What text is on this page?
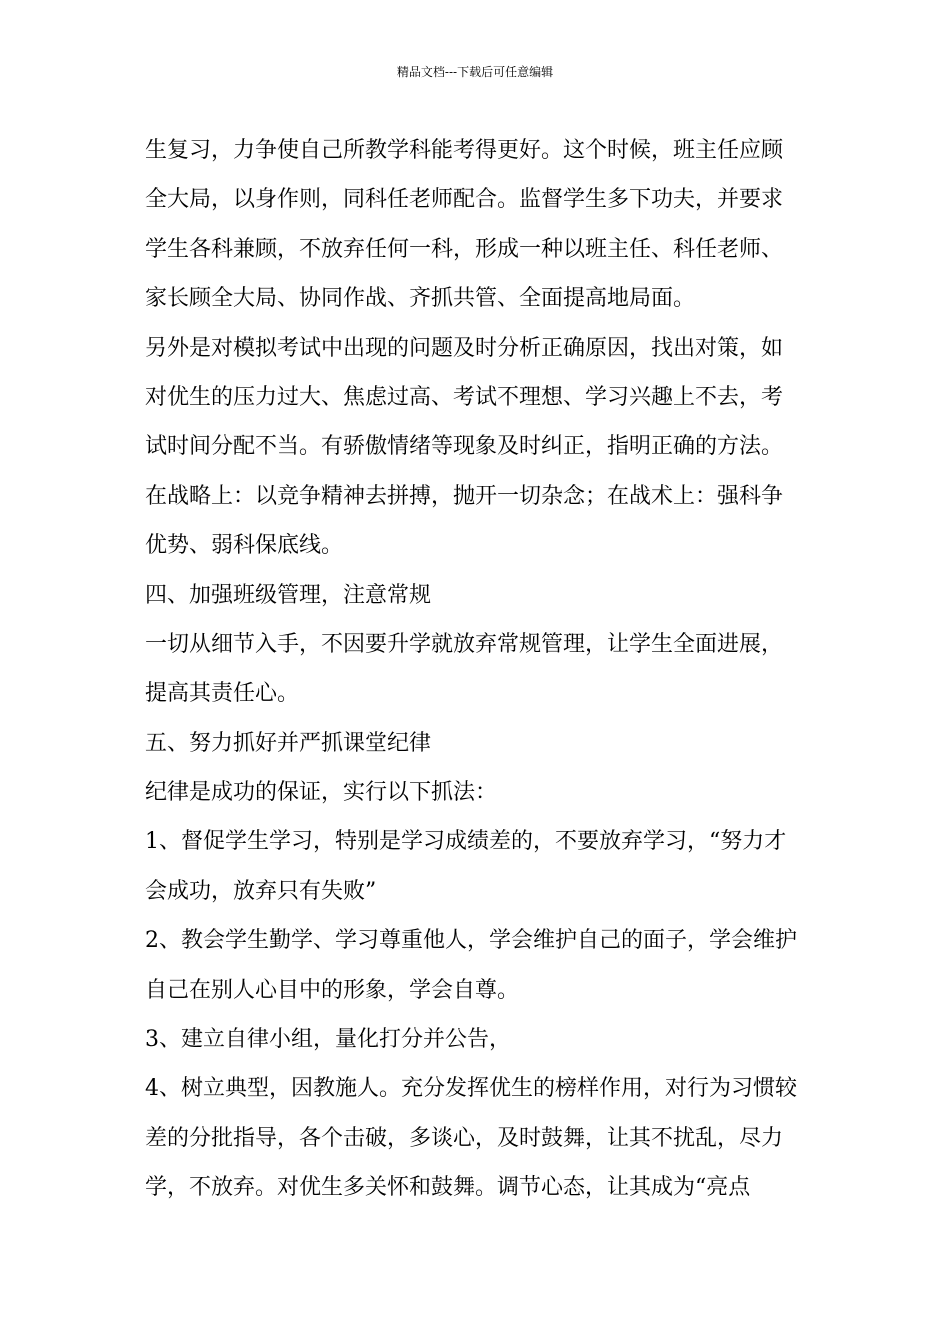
精品文档---下载后可任意编辑
生复习，力争使自己所教学科能考得更好。这个时候，班主任应顾
全大局，以身作则，同科任老师配合。监督学生多下功夫，并要求
学生各科兼顾，不放弃任何一科，形成一种以班主任、科任老师、
家长顾全大局、协同作战、齐抓共管、全面提高地局面。
另外是对模拟考试中出现的问题及时分析正确原因，找出对策，如
对优生的压力过大、焦虑过高、考试不理想、学习兴趣上不去，考
试时间分配不当。有骄傲情绪等现象及时纠正，指明正确的方法。
在战略上：以竞争精神去拼搏，抛开一切杂念；在战术上：强科争
优势、弱科保底线。
四、加强班级管理，注意常规
一切从细节入手，不因要升学就放弃常规管理，让学生全面进展，
提高其责任心。
五、努力抓好并严抓课堂纪律
纪律是成功的保证，实行以下抓法：
1、督促学生学习，特别是学习成绩差的，不要放弃学习，“努力才
会成功，放弃只有失败”
2、教会学生勤学、学习尊重他人，学会维护自己的面子，学会维护
自己在别人心目中的形象，学会自尊。
3、建立自律小组，量化打分并公告，
4、树立典型，因教施人。充分发挥优生的榜样作用，对行为习惯较
差的分批指导，各个击破，多谈心，及时鼓舞，让其不扰乱，尽力
学，不放弃。对优生多关怀和鼓舞。调节心态，让其成为“亮点
